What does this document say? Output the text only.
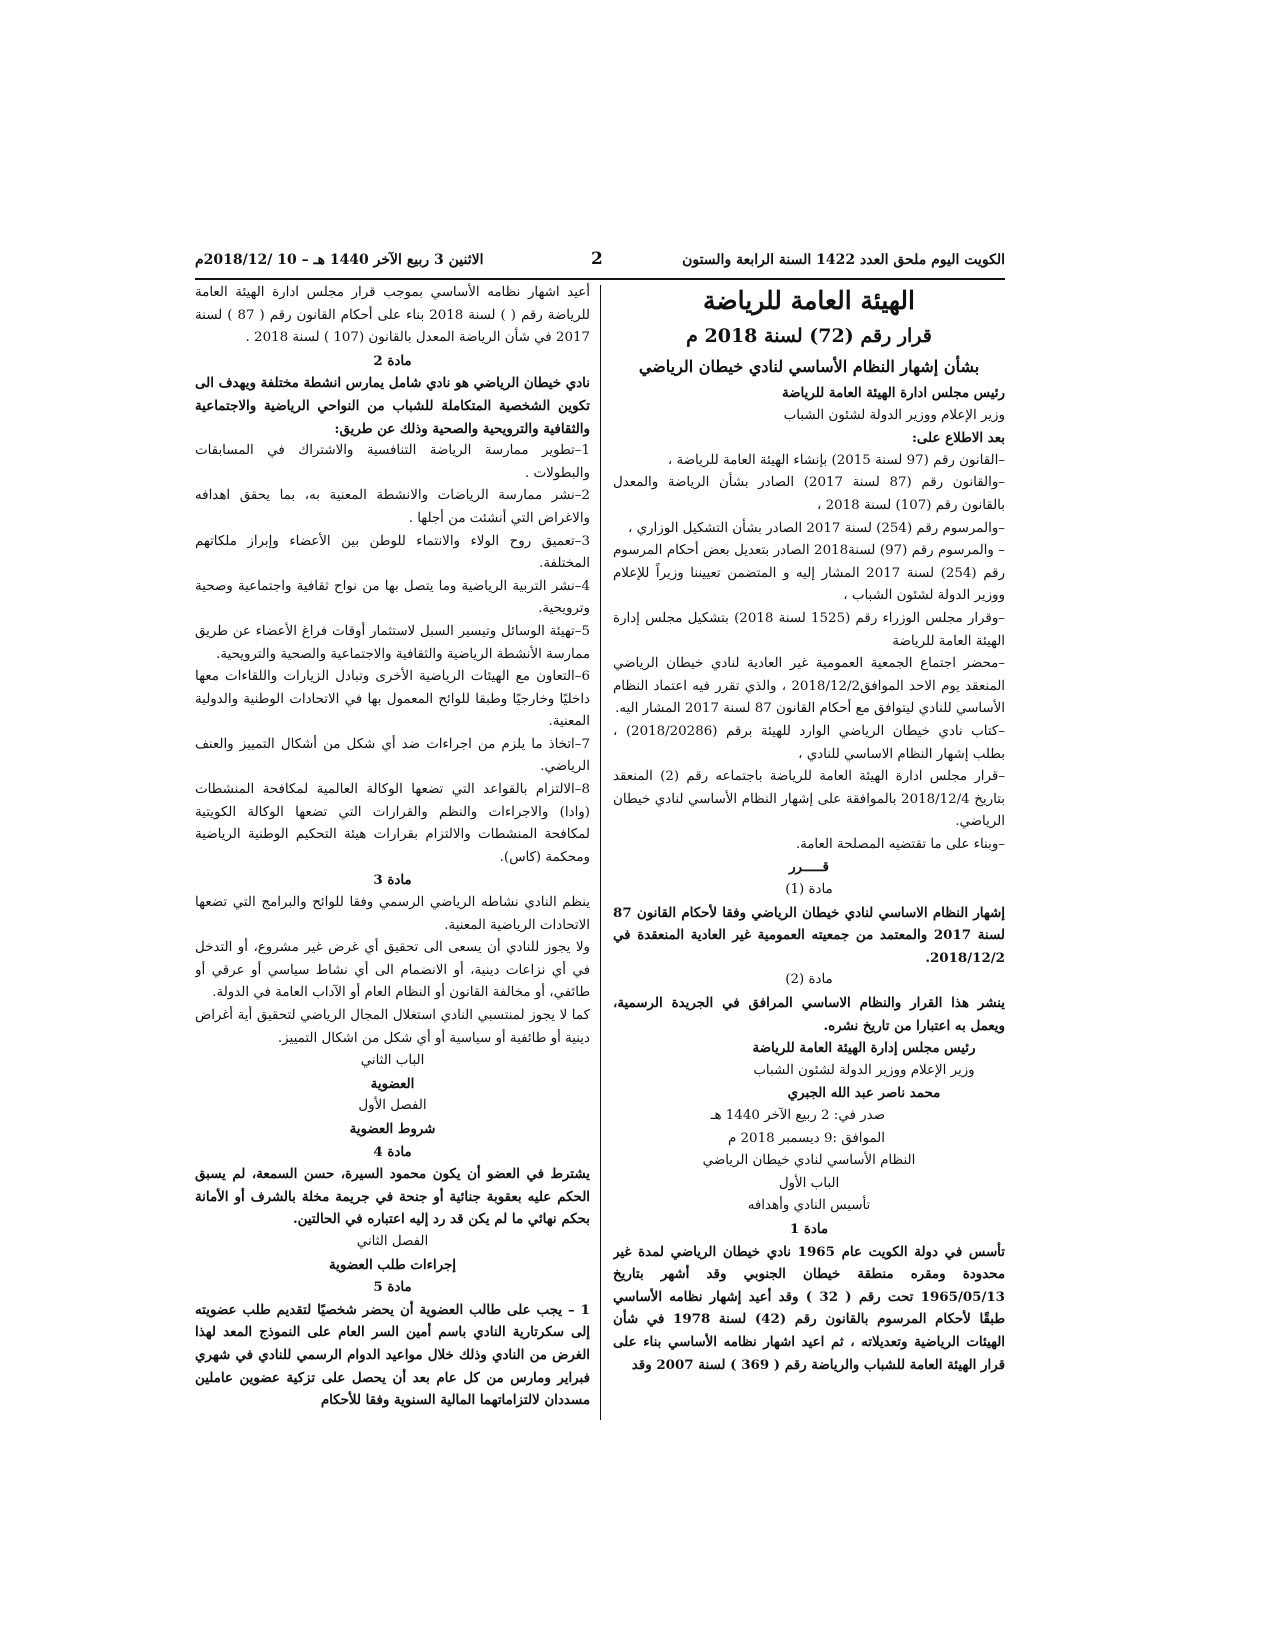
الكويت اليوم ملحق العدد 1422 السنة الرابعة والستون
2
الاثنين 3 ربيع الآخر 1440 هـ – 10 /2018/12م

الهيئة العامة للرياضة

قرار رقم (72) لسنة 2018 م

بشأن إشهار النظام الأساسي لنادي خيطان الرياضي

رئيس مجلس ادارة الهيئة العامة للرياضة

وزير الإعلام ووزير الدولة لشئون الشباب

بعد الاطلاع على:

–القانون رقم (97 لسنة 2015) بإنشاء الهيئة العامة للرياضة ،

–والقانون رقم (87 لسنة 2017) الصادر بشأن الرياضة والمعدل بالقانون رقم (107) لسنة 2018 ،

–والمرسوم رقم (254) لسنة 2017 الصادر بشأن التشكيل الوزاري ،

– والمرسوم رقم (97) لسنة2018 الصادر بتعديل بعض أحكام المرسوم رقم (254) لسنة 2017 المشار إليه و المتضمن تعييننا وزيراً للإعلام ووزير الدولة لشئون الشباب ،

–وقرار مجلس الوزراء رقم (1525 لسنة 2018) بتشكيل مجلس إدارة الهيئة العامة للرياضة

–محضر اجتماع الجمعية العمومية غير العادية لنادي خيطان الرياضي المنعقد يوم الاحد الموافق2018/12/2 ، والذي تقرر فيه اعتماد النظام الأساسي للنادي ليتوافق مع أحكام القانون 87 لسنة 2017 المشار اليه.

–كتاب نادي خيطان الرياضي الوارد للهيئة برقم (2018/20286) ، بطلب إشهار النظام الاساسي للنادي ،

–قرار مجلس ادارة الهيئة العامة للرياضة باجتماعه رقم (2) المنعقد بتاريخ 2018/12/4 بالموافقة على إشهار النظام الأساسي لنادي خيطان الرياضي.

–وبناء على ما تقتضيه المصلحة العامة.

قـــــرر

مادة (1)

إشهار النظام الاساسي لنادي خيطان الرياضي وفقا لأحكام القانون 87 لسنة 2017 والمعتمد من جمعيته العمومية غير العادية المنعقدة في 2018/12/2.

مادة (2)

ينشر هذا القرار والنظام الاساسي المرافق في الجريدة الرسمية، ويعمل به اعتبارا من تاريخ نشره.

رئيس مجلس إدارة الهيئة العامة للرياضة

وزير الإعلام ووزير الدولة لشئون الشباب

محمد ناصر عبد الله الجبري

صدر في: 2 ربيع الآخر 1440 هـ

الموافق :9 ديسمبر 2018 م

النظام الأساسي لنادي خيطان الرياضي

الباب الأول

تأسيس النادي وأهدافه

مادة 1

تأسس في دولة الكويت عام 1965 نادي خيطان الرياضي لمدة غير محدودة ومقره منطقة خيطان الجنوبي وقد أشهر بتاريخ 1965/05/13 تحت رقم ( 32 ) وقد أعيد إشهار نظامه الأساسي طبقًا لأحكام المرسوم بالقانون رقم (42) لسنة 1978 في شأن الهيئات الرياضية وتعديلاته ، ثم اعيد اشهار نظامه الأساسي بناء على قرار الهيئة العامة للشباب والرياضة رقم ( 369 ) لسنة 2007 وقد

أعيد اشهار نظامه الأساسي بموجب قرار مجلس ادارة الهيئة العامة للرياضة رقم ( ) لسنة 2018 بناء على أحكام القانون رقم ( 87 ) لسنة 2017 في شأن الرياضة المعدل بالقانون (107 ) لسنة 2018 .

مادة 2

نادي خيطان الرياضي هو نادي شامل يمارس انشطة مختلفة ويهدف الى تكوين الشخصية المتكاملة للشباب من النواحي الرياضية والاجتماعية والثقافية والترويحية والصحية وذلك عن طريق:

1–تطوير ممارسة الرياضة التنافسية والاشتراك في المسابقات والبطولات .

2–نشر ممارسة الرياضات والانشطة المعنية به، بما يحقق اهدافه والاغراض التي أنشئت من أجلها .

3–تعميق روح الولاء والانتماء للوطن بين الأعضاء وإبراز ملكاتهم المختلفة.

4–نشر التربية الرياضية وما يتصل بها من نواح ثقافية واجتماعية وصحية وترويحية.

5–تهيئة الوسائل وتيسير السبل لاستثمار أوقات فراغ الأعضاء عن طريق ممارسة الأنشطة الرياضية والثقافية والاجتماعية والصحية والترويحية.

6–التعاون مع الهيئات الرياضية الأخرى وتبادل الزيارات واللقاءات معها داخليًا وخارجيًا وطبقا للوائح المعمول بها في الاتحادات الوطنية والدولية المعنية.

7–اتخاذ ما يلزم من اجراءات ضد أي شكل من أشكال التمييز والعنف الرياضي.

8–الالتزام بالقواعد التي تضعها الوكالة العالمية لمكافحة المنشطات (وادا) والاجراءات والنظم والقرارات التي تضعها الوكالة الكويتية لمكافحة المنشطات والالتزام بقرارات هيئة التحكيم الوطنية الرياضية ومحكمة (كاس).

مادة 3

ينظم النادي نشاطه الرياضي الرسمي وفقا للوائح والبرامج التي تضعها الاتحادات الرياضية المعنية.

ولا يجوز للنادي أن يسعى الى تحقيق أي غرض غير مشروع، أو التدخل في أي نزاعات دينية، أو الانضمام الى أي نشاط سياسي أو عرقي أو طائفي، أو مخالفة القانون أو النظام العام أو الآداب العامة في الدولة.

كما لا يجوز لمنتسبي النادي استغلال المجال الرياضي لتحقيق أية أغراض دينية أو طائفية أو سياسية أو أي شكل من اشكال التمييز.

الباب الثاني

العضوية

الفصل الأول

شروط العضوية

مادة 4

يشترط في العضو أن يكون محمود السيرة، حسن السمعة، لم يسبق الحكم عليه بعقوبة جنائية أو جنحة في جريمة مخلة بالشرف أو الأمانة بحكم نهائي ما لم يكن قد رد إليه اعتباره في الحالتين.

الفصل الثاني

إجراءات طلب العضوية

مادة 5

1 – يجب على طالب العضوية أن يحضر شخصيًا لتقديم طلب عضويته إلى سكرتارية النادي باسم أمين السر العام على النموذج المعد لهذا الغرض من النادي وذلك خلال مواعيد الدوام الرسمي للنادي في شهري فبراير ومارس من كل عام بعد أن يحصل على تزكية عضوين عاملين مسددان لالتزاماتهما المالية السنوية وفقا للأحكام
